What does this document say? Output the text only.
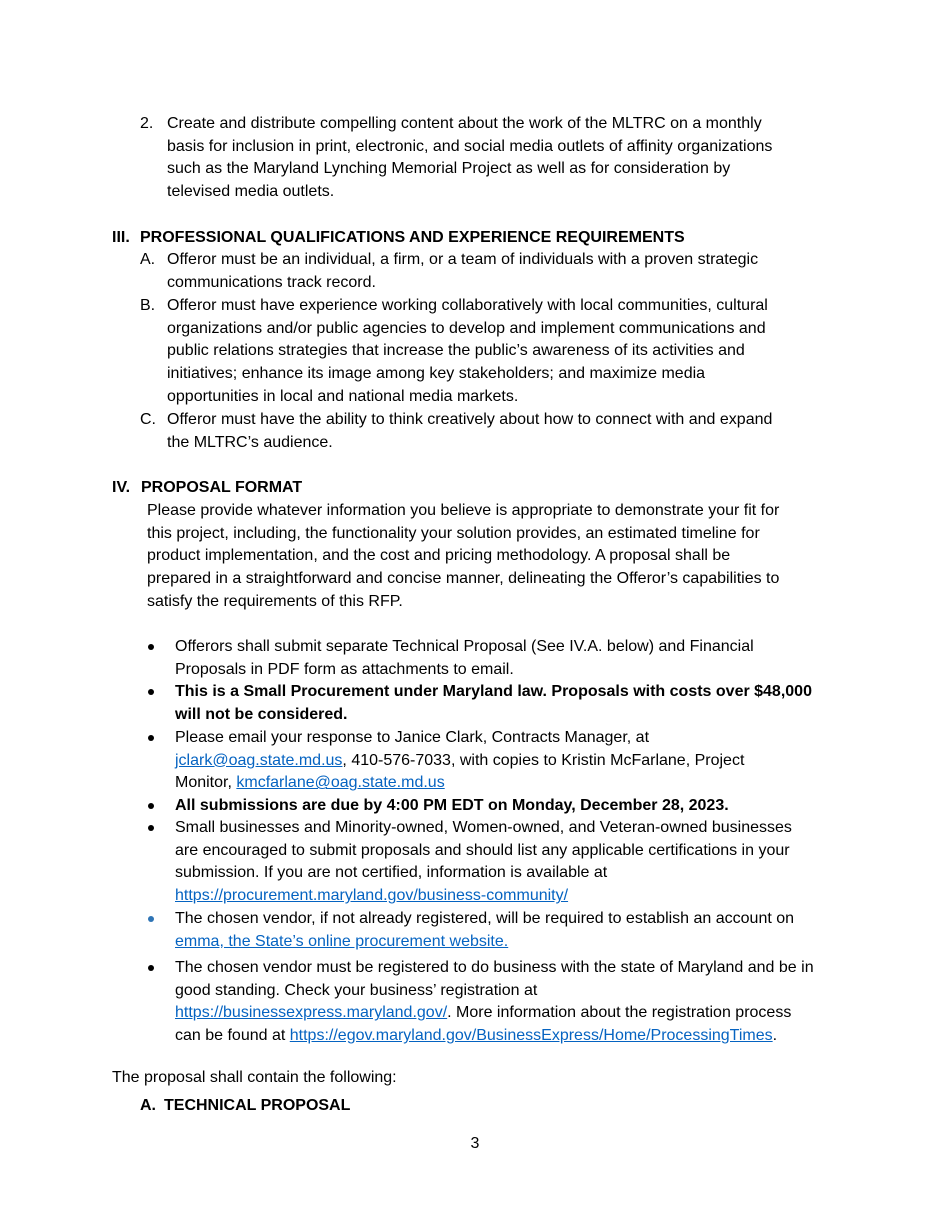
2. Create and distribute compelling content about the work of the MLTRC on a monthly
basis for inclusion in print, electronic, and social media outlets of affinity organizations
such as the Maryland Lynching Memorial Project as well as for consideration by
televised media outlets.
III. PROFESSIONAL QUALIFICATIONS AND EXPERIENCE REQUIREMENTS
A. Offeror must be an individual, a firm, or a team of individuals with a proven strategic
communications track record.
B. Offeror must have experience working collaboratively with local communities, cultural
organizations and/or public agencies to develop and implement communications and
public relations strategies that increase the public’s awareness of its activities and
initiatives; enhance its image among key stakeholders; and maximize media
opportunities in local and national media markets.
C. Offeror must have the ability to think creatively about how to connect with and expand
the MLTRC’s audience.
IV. PROPOSAL FORMAT
Please provide whatever information you believe is appropriate to demonstrate your fit for
this project, including, the functionality your solution provides, an estimated timeline for
product implementation, and the cost and pricing methodology. A proposal shall be
prepared in a straightforward and concise manner, delineating the Offeror’s capabilities to
satisfy the requirements of this RFP.
Offerors shall submit separate Technical Proposal (See IV.A. below) and Financial
Proposals in PDF form as attachments to email.
This is a Small Procurement under Maryland law. Proposals with costs over $48,000
will not be considered.
Please email your response to Janice Clark, Contracts Manager, at
jclark@oag.state.md.us, 410-576-7033, with copies to Kristin McFarlane, Project
Monitor, kmcfarlane@oag.state.md.us
All submissions are due by 4:00 PM EDT on Monday, December 28, 2023.
Small businesses and Minority-owned, Women-owned, and Veteran-owned businesses
are encouraged to submit proposals and should list any applicable certifications in your
submission. If you are not certified, information is available at
https://procurement.maryland.gov/business-community/
The chosen vendor, if not already registered, will be required to establish an account on
emma, the State’s online procurement website.
The chosen vendor must be registered to do business with the state of Maryland and be in
good standing. Check your business’ registration at
https://businessexpress.maryland.gov/. More information about the registration process
can be found at https://egov.maryland.gov/BusinessExpress/Home/ProcessingTimes.
The proposal shall contain the following:
A. TECHNICAL PROPOSAL
3
